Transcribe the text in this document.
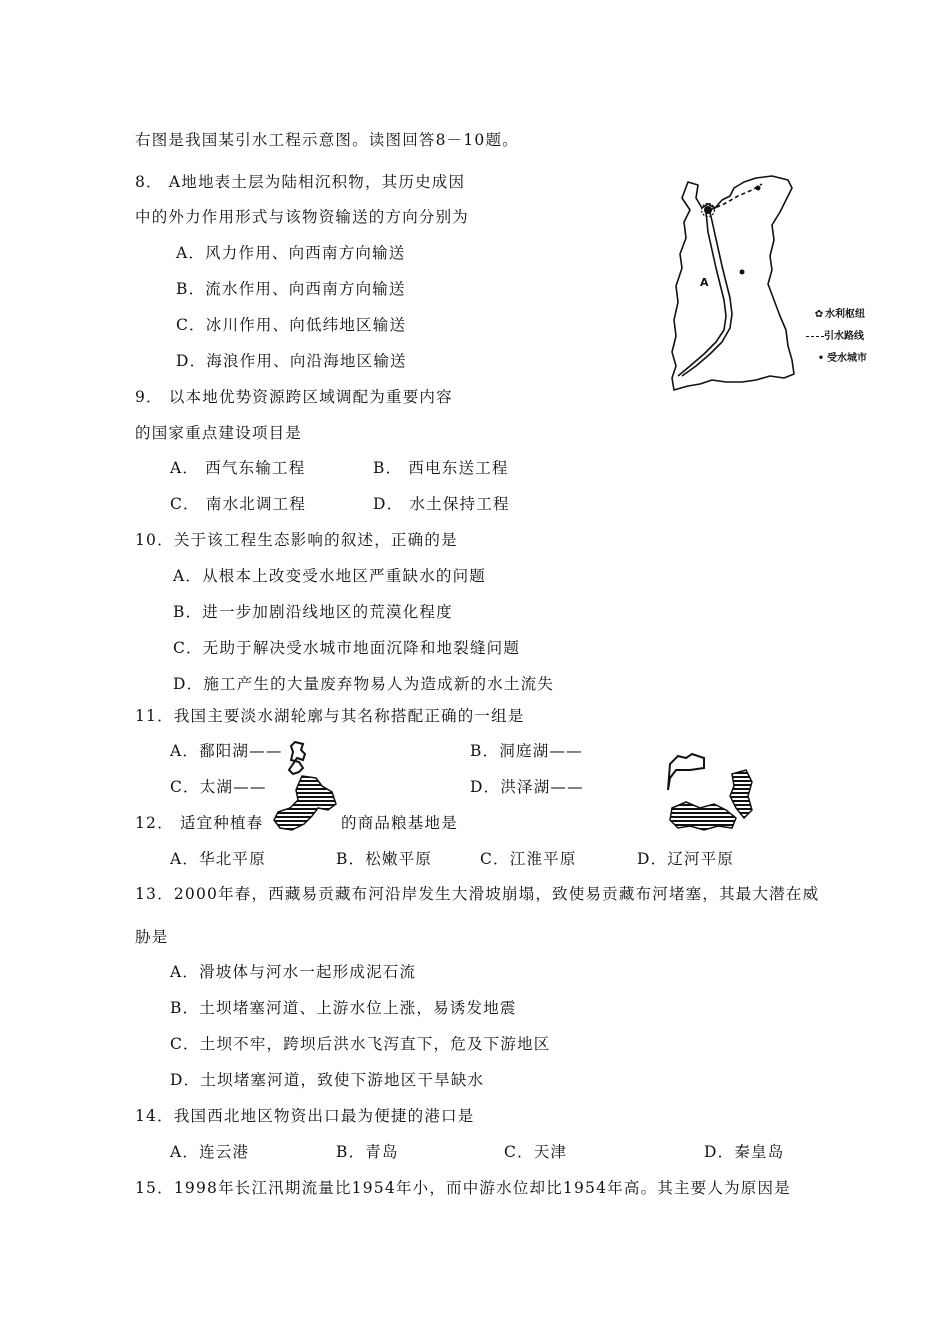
右图是我国某引水工程示意图。读图回答8－10题。
8． A地地表土层为陆相沉积物，其历史成因
中的外力作用形式与该物资输送的方向分别为
A．风力作用、向西南方向输送
B．流水作用、向西南方向输送
C．冰川作用、向低纬地区输送
D．海浪作用、向沿海地区输送
9． 以本地优势资源跨区域调配为重要内容
的国家重点建设项目是
A． 西气东输工程	B． 西电东送工程
C． 南水北调工程	D． 水土保持工程
10．关于该工程生态影响的叙述，正确的是
A．从根本上改变受水地区严重缺水的问题
B．进一步加剧沿线地区的荒漠化程度
C．无助于解决受水城市地面沉降和地裂缝问题
D．施工产生的大量废弃物易人为造成新的水土流失
11．我国主要淡水湖轮廓与其名称搭配正确的一组是
A．鄱阳湖——	B．洞庭湖——
C．太湖——	D．洪泽湖——
12． 适宜种植春	的商品粮基地是
A．华北平原	B．松嫩平原	C．江淮平原	D．辽河平原
13．2000年春，西藏易贡藏布河沿岸发生大滑坡崩塌，致使易贡藏布河堵塞，其最大潜在威
胁是
A．滑坡体与河水一起形成泥石流
B．土坝堵塞河道、上游水位上涨，易诱发地震
C．土坝不牢，跨坝后洪水飞泻直下，危及下游地区
D．土坝堵塞河道，致使下游地区干旱缺水
14．我国西北地区物资出口最为便捷的港口是
A．连云港	B．青岛	C．天津	D．秦皇岛
15．1998年长江汛期流量比1954年小，而中游水位却比1954年高。其主要人为原因是
A
✿ 水利枢纽
引水路线
• 受水城市
